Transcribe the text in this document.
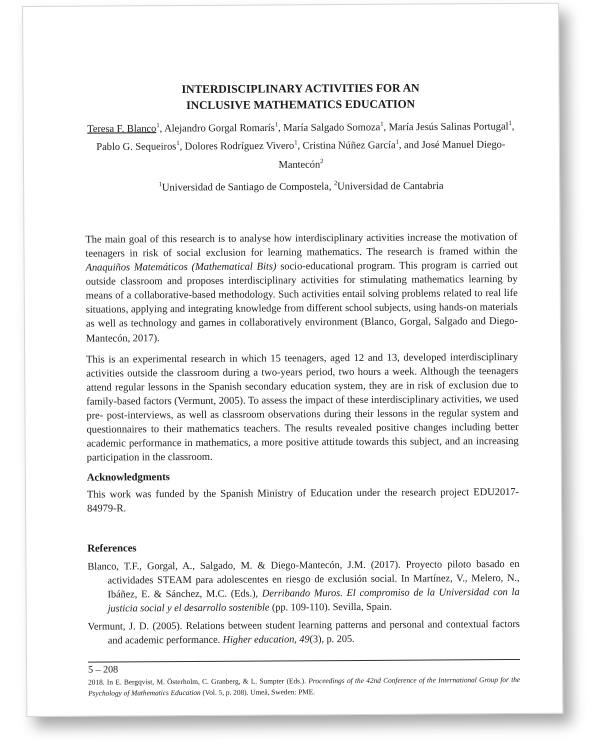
INTERDISCIPLINARY ACTIVITIES FOR AN
INCLUSIVE MATHEMATICS EDUCATION

Teresa F. Blanco$^1$, Alejandro Gorgal Romarís$^1$, María Salgado Somoza$^1$, María Jesús Salinas Portugal$^1$, Pablo G. Sequeiros$^1$, Dolores Rodríguez Vivero$^1$, Cristina Núñez García$^1$, and José Manuel Diego-Mantecón$^2$
$^1$Universidad de Santiago de Compostela, $^2$Universidad de Cantabria

The main goal of this research is to analyse how interdisciplinary activities increase the motivation of teenagers in risk of social exclusion for learning mathematics. The research is framed within the Anaquiños Matemáticos (Mathematical Bits) socio-educational program. This program is carried out outside classroom and proposes interdisciplinary activities for stimulating mathematics learning by means of a collaborative-based methodology. Such activities entail solving problems related to real life situations, applying and integrating knowledge from different school subjects, using hands-on materials as well as technology and games in collaboratively environment (Blanco, Gorgal, Salgado and Diego-Mantecón, 2017).

This is an experimental research in which 15 teenagers, aged 12 and 13, developed interdisciplinary activities outside the classroom during a two-years period, two hours a week. Although the teenagers attend regular lessons in the Spanish secondary education system, they are in risk of exclusion due to family-based factors (Vermunt, 2005). To assess the impact of these interdisciplinary activities, we used pre- post-interviews, as well as classroom observations during their lessons in the regular system and questionnaires to their mathematics teachers. The results revealed positive changes including better academic performance in mathematics, a more positive attitude towards this subject, and an increasing participation in the classroom.

Acknowledgments

This work was funded by the Spanish Ministry of Education under the research project EDU2017-84979-R.

References

Blanco, T.F., Gorgal, A., Salgado, M. & Diego-Mantecón, J.M. (2017). Proyecto piloto basado en actividades STEAM para adolescentes en riesgo de exclusión social. In Martínez, V., Melero, N., Ibáñez, E. & Sánchez, M.C. (Eds.), Derribando Muros. El compromiso de la Universidad con la justicia social y el desarrollo sostenible (pp. 109-110). Sevilla, Spain.

Vermunt, J. D. (2005). Relations between student learning patterns and personal and contextual factors and academic performance. Higher education, 49(3), p. 205.

5 – 208
2018. In E. Bergqvist, M. Österholm, C. Granberg, & L. Sumpter (Eds.). Proceedings of the 42nd Conference of the International Group for the Psychology of Mathematics Education (Vol. 5, p. 208). Umeå, Sweden: PME.
